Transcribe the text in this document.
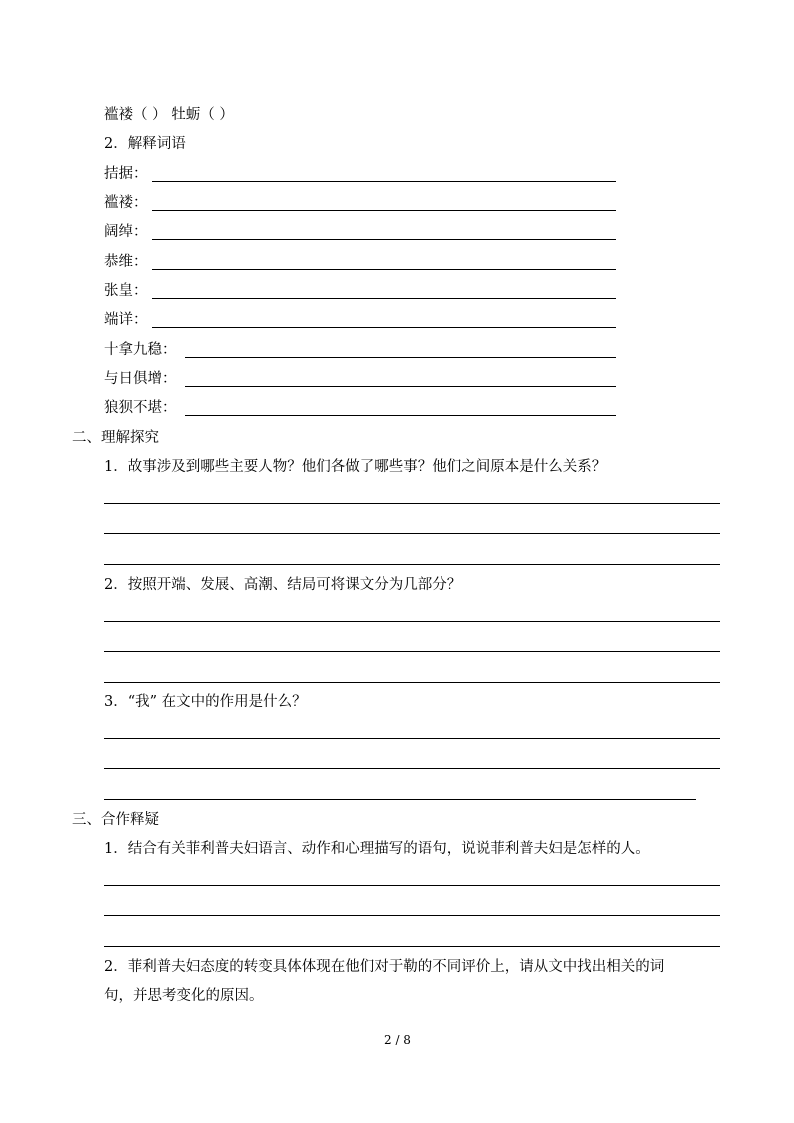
褴褛（ ） 牡蛎（ ）
2．解释词语
拮据：
褴褛：
阔绰：
恭维：
张皇：
端详：
十拿九稳：
与日俱增：
狼狈不堪：
二、理解探究
1．故事涉及到哪些主要人物？他们各做了哪些事？他们之间原本是什么关系？
2．按照开端、发展、高潮、结局可将课文分为几部分？
3．“我” 在文中的作用是什么？
三、合作释疑
1．结合有关菲利普夫妇语言、动作和心理描写的语句，说说菲利普夫妇是怎样的人。
2．菲利普夫妇态度的转变具体体现在他们对于勒的不同评价上，请从文中找出相关的词
句，并思考变化的原因。
2 / 8
